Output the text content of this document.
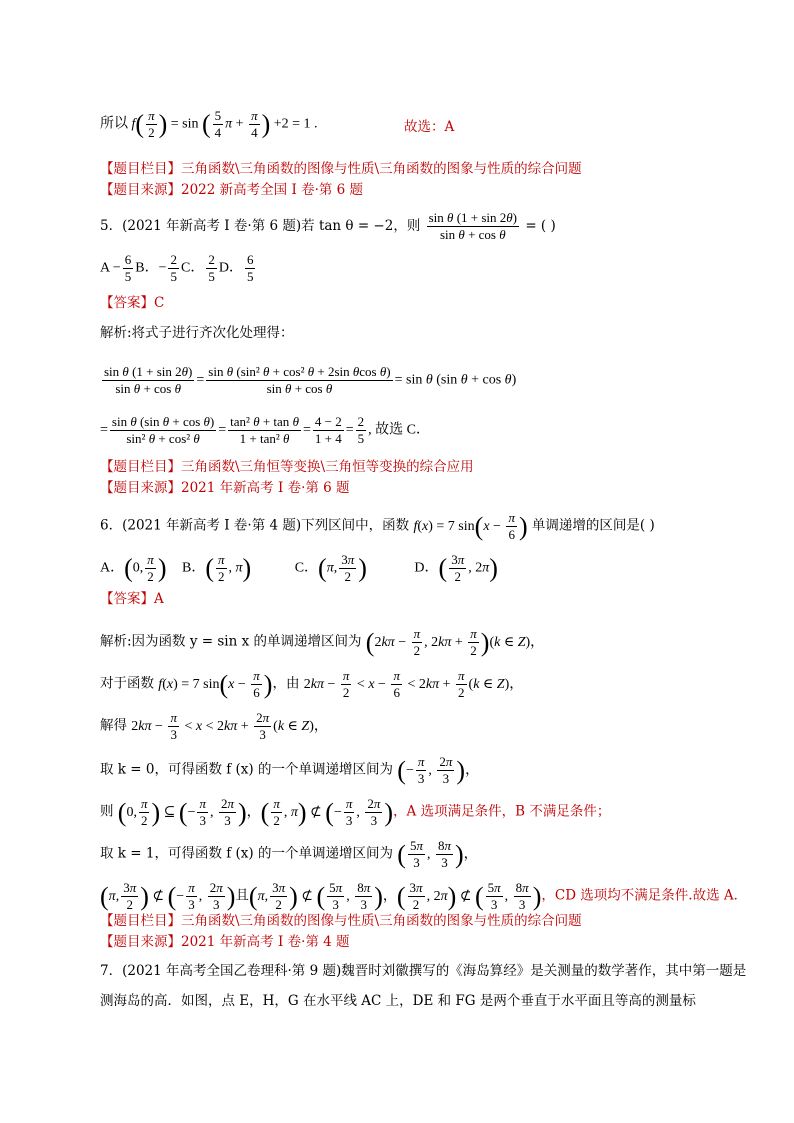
所以 $f( \frac{\pi}{2}$ ) = sin ( $\frac{5}{4}$ $\pi + \frac{\pi}{4}$ ) +2 = 1 .	故选：A
【题目栏目】三角函数\三角函数的图像与性质\三角函数的图象与性质的综合问题
【题目来源】2022 新高考全国 I 卷·第 6 题
5．(2021 年新高考 I 卷·第 6 题)若 tan θ = −2，则 $\frac{\text{sin θ (1 + sin 2θ)}}{\text{sin θ + cos θ}}$ = ( )
$A - \frac{6}{5}$ B．− $\frac{2}{5}$ C． $\frac{2}{5}$ D． $\frac{6}{5}$
【答案】C
解析:将式子进行齐次化处理得：
$\frac{\text{sin θ (1 + sin 2θ)}}{\text{sin θ + cos θ}} = \frac{\text{sin θ (sin² θ + cos² θ + 2sin θcos θ)}}{\text{sin θ + cos θ}} = \sin \theta$ (sin θ + cos θ)
= $\frac{\text{sin θ (sin θ + cos θ)}}{\text{sin² θ + cos² θ}} = \frac{\text{tan² θ + tan θ}}{\text{1 + tan² θ}} = \frac{4 - 2}{1 + 4} = \frac{2}{5}$ , 故选 C．
【题目栏目】三角函数\三角恒等变换\三角恒等变换的综合应用
【题目来源】2021 年新高考 I 卷·第 6 题
6．(2021 年新高考 I 卷·第 4 题)下列区间中，函数 f(x) = 7 $\sin(x - \frac{\pi}{6}$ ) 单调递增的区间是( )
A．(0, $\frac{\pi}{2}$ ) B．( $\frac{\pi}{2}$ , π)	C．(π, $\frac{3\pi}{2}$ )	D．( $\frac{3\pi}{2}$ , 2π)
【答案】A
解析:因为函数 y = sin x 的单调递增区间为 ($2k\pi - \frac{\pi}{2}$ , $2k\pi + \frac{\pi}{2} )(k$ ∈ Z)，
对于函数 f(x) = 7 $\sin(x - \frac{\pi}{6}$ )，由 $2k\pi - \frac{\pi}{2} < x - \frac{\pi}{6} < 2k\pi + \frac{\pi}{2} (k$ ∈ Z)，
解得 $2k\pi - \frac{\pi}{3} < x < 2k\pi + \frac{2\pi}{3} (k$ ∈ Z)，
取 k = 0，可得函数 f (x) 的一个单调递增区间为 (− $\frac{\pi}{3}$ , $\frac{2\pi}{3}$ )，
则 (0, $\frac{\pi}{2}$ ) ⊆ (− $\frac{\pi}{3}$ , $\frac{2\pi}{3}$ )，( $\frac{\pi}{2}$ , π) ⊄ (− $\frac{\pi}{3}$ , $\frac{2\pi}{3}$ )，A 选项满足条件，B 不满足条件；
取 k = 1，可得函数 f (x) 的一个单调递增区间为 ( $\frac{5\pi}{3}$ , $\frac{8\pi}{3}$ )，
(π, $\frac{3\pi}{2}$ ) ⊄ (− $\frac{\pi}{3}$ , $\frac{2\pi}{3}$ )且(π, $\frac{3\pi}{2}$ ) ⊄ ( $\frac{5\pi}{3}$ , $\frac{8\pi}{3}$ )，( $\frac{3\pi}{2}$ , 2π) ⊄ ( $\frac{5\pi}{3}$ , $\frac{8\pi}{3}$ )，CD 选项均不满足条件.故选 A．
【题目栏目】三角函数\三角函数的图像与性质\三角函数的图象与性质的综合问题
【题目来源】2021 年新高考 I 卷·第 4 题
7．(2021 年高考全国乙卷理科·第 9 题)魏晋时刘徽撰写的《海岛算经》是关测量的数学著作，其中第一题是
测海岛的高．如图，点 E，H，G 在水平线 AC 上，DE 和 FG 是两个垂直于水平面且等高的测量标
